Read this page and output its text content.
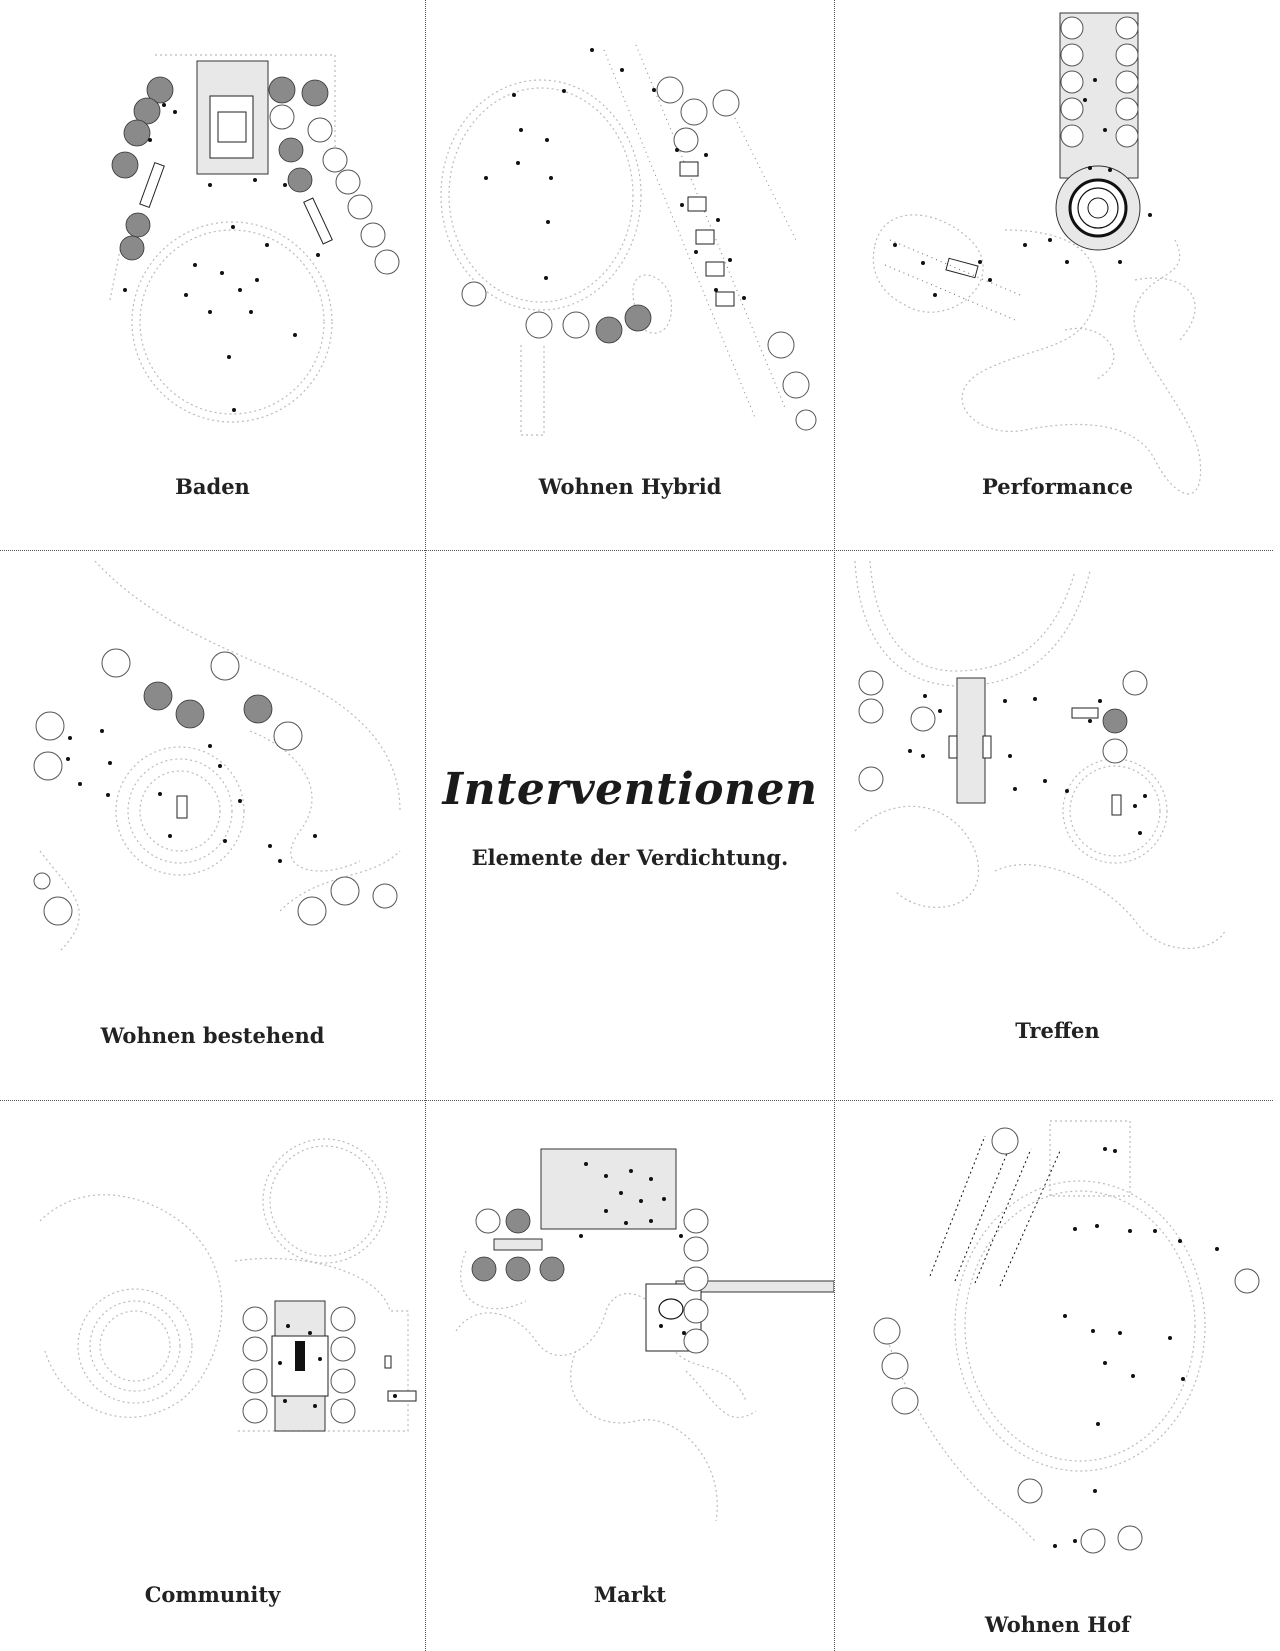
Baden	Wohnen Hybrid	Performance
Wohnen bestehend
Interventionen
Elemente der Verdichtung.
Treffen
Community	Markt
Wohnen Hof
